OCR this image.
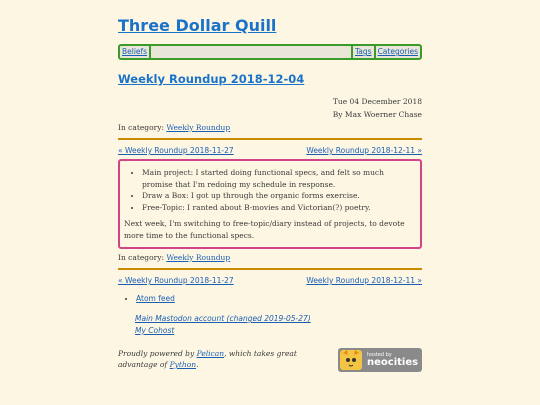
Three Dollar Quill
Beliefs	Tags Categories
Weekly Roundup 2018-12-04
Tue 04 December 2018
By Max Woerner Chase
In category: Weekly Roundup
« Weekly Roundup 2018-11-27	Weekly Roundup 2018-12-11 »
• Main project: I started doing functional specs, and felt so much promise that I'm redoing my schedule in response.
• Draw a Box: I got up through the organic forms exercise.
• Free-Topic: I ranted about B-movies and Victorian(?) poetry.

Next week, I'm switching to free-topic/diary instead of projects, to devote more time to the functional specs.

In category: Weekly Roundup
« Weekly Roundup 2018-11-27	Weekly Roundup 2018-12-11 »
• Atom feed
Main Mastodon account (changed 2019-05-27)
My Cohost
Proudly powered by Pelican, which takes great advantage of Python.
hosted by
neocities
